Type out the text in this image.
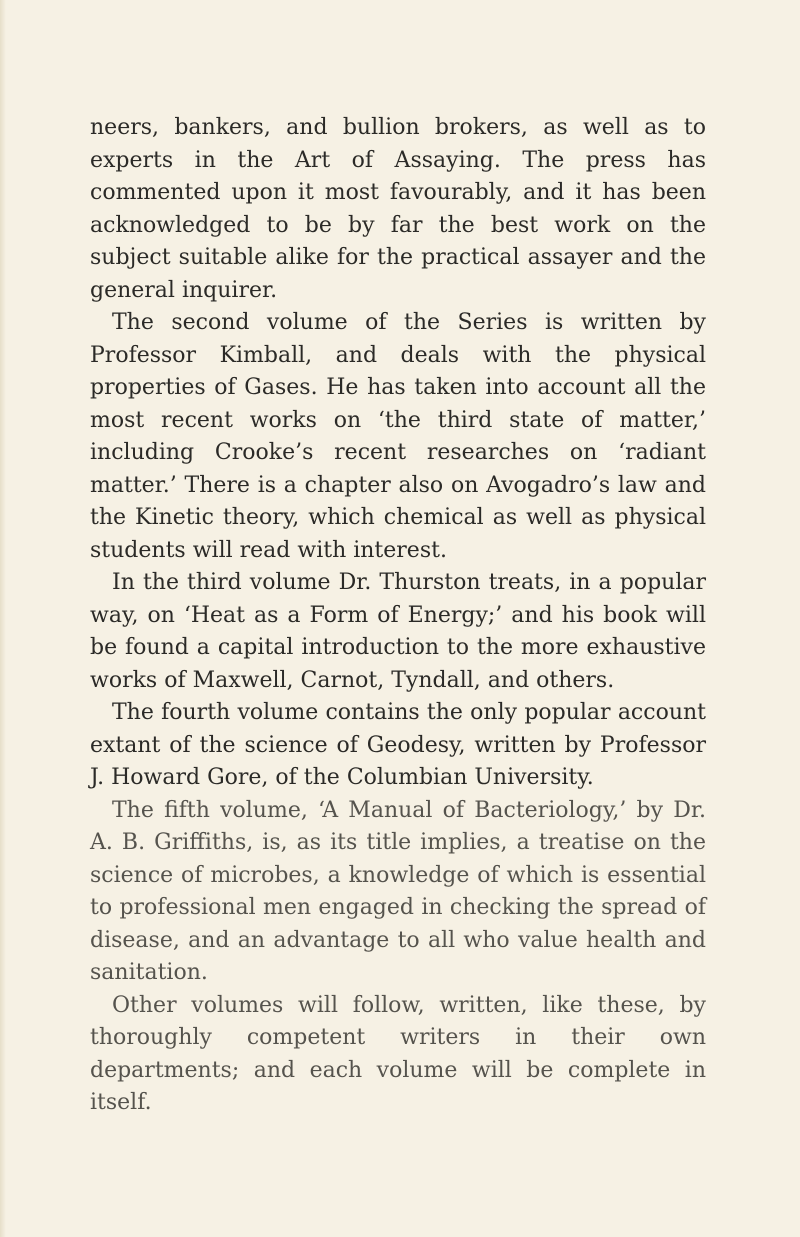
neers, bankers, and bullion brokers, as well as to experts in the Art of Assaying. The press has commented upon it most favourably, and it has been acknowledged to be by far the best work on the subject suitable alike for the practical assayer and the general inquirer.

The second volume of the Series is written by Professor Kimball, and deals with the physical properties of Gases. He has taken into account all the most recent works on ‘the third state of matter,’ including Crooke’s recent researches on ‘radiant matter.’ There is a chapter also on Avogadro’s law and the Kinetic theory, which chemical as well as physical students will read with interest.

In the third volume Dr. Thurston treats, in a popular way, on ‘Heat as a Form of Energy;’ and his book will be found a capital introduction to the more exhaustive works of Maxwell, Carnot, Tyndall, and others.

The fourth volume contains the only popular account extant of the science of Geodesy, written by Professor J. Howard Gore, of the Columbian University.

The fifth volume, ‘A Manual of Bacteriology,’ by Dr. A. B. Griffiths, is, as its title implies, a treatise on the science of microbes, a knowledge of which is essential to professional men engaged in checking the spread of disease, and an advantage to all who value health and sanitation.

Other volumes will follow, written, like these, by thoroughly competent writers in their own departments; and each volume will be complete in itself.
